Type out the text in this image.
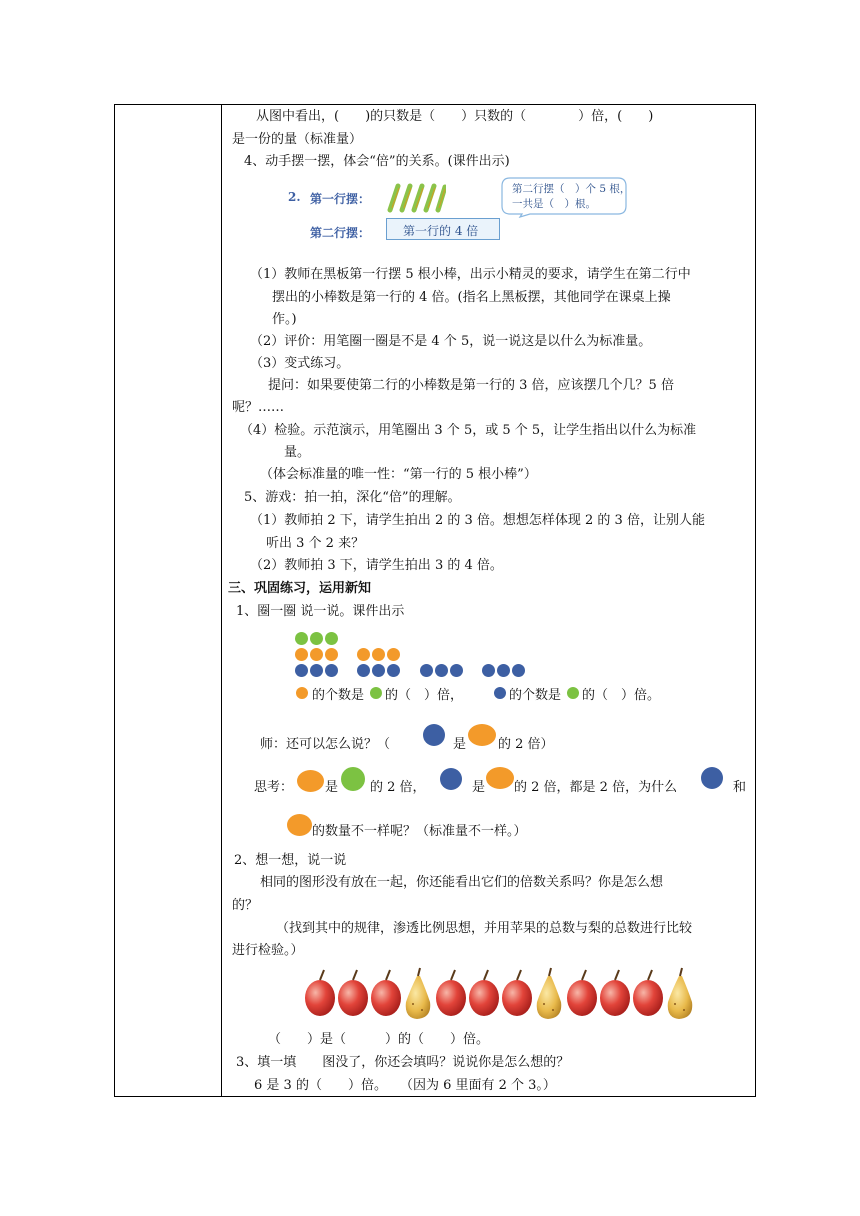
从图中看出，(　　)的只数是（　　）只数的（　　　　）倍，(　　)
是一份的量（标准量）
4、动手摆一摆，体会“倍”的关系。(课件出示)
2. 第一行摆：
第二行摆：	第一行的 4 倍
第二行摆（　）个 5 根，
一共是（　）根。
（1）教师在黑板第一行摆 5 根小棒，出示小精灵的要求，请学生在第二行中
摆出的小棒数是第一行的 4 倍。(指名上黑板摆，其他同学在课桌上操
作。)
（2）评价：用笔圈一圈是不是 4 个 5，说一说这是以什么为标准量。
（3）变式练习。
提问：如果要使第二行的小棒数是第一行的 3 倍，应该摆几个几？5 倍
呢？……
（4）检验。示范演示，用笔圈出 3 个 5，或 5 个 5，让学生指出以什么为标准
量。
（体会标准量的唯一性：“第一行的 5 根小棒”）
5、游戏：拍一拍，深化“倍”的理解。
（1）教师拍 2 下，请学生拍出 2 的 3 倍。想想怎样体现 2 的 3 倍，让别人能
听出 3 个 2 来？
（2）教师拍 3 下，请学生拍出 3 的 4 倍。
三、巩固练习，运用新知
1、圈一圈 说一说。课件出示
的个数是 的（　）倍，	的个数是 的（　）倍。
师：还可以怎么说？（	是 的 2 倍）
思考： 是 的 2 倍，	是 的 2 倍，都是 2 倍，为什么	和
的数量不一样呢？（标准量不一样。）
2、想一想，说一说
相同的图形没有放在一起，你还能看出它们的倍数关系吗？你是怎么想
的？
（找到其中的规律，渗透比例思想，并用苹果的总数与梨的总数进行比较
进行检验。）
（　　）是（　　　）的（　　）倍。
3、填一填　　图没了，你还会填吗？说说你是怎么想的？
6 是 3 的（　　）倍。　　（因为 6 里面有 2 个 3。）
